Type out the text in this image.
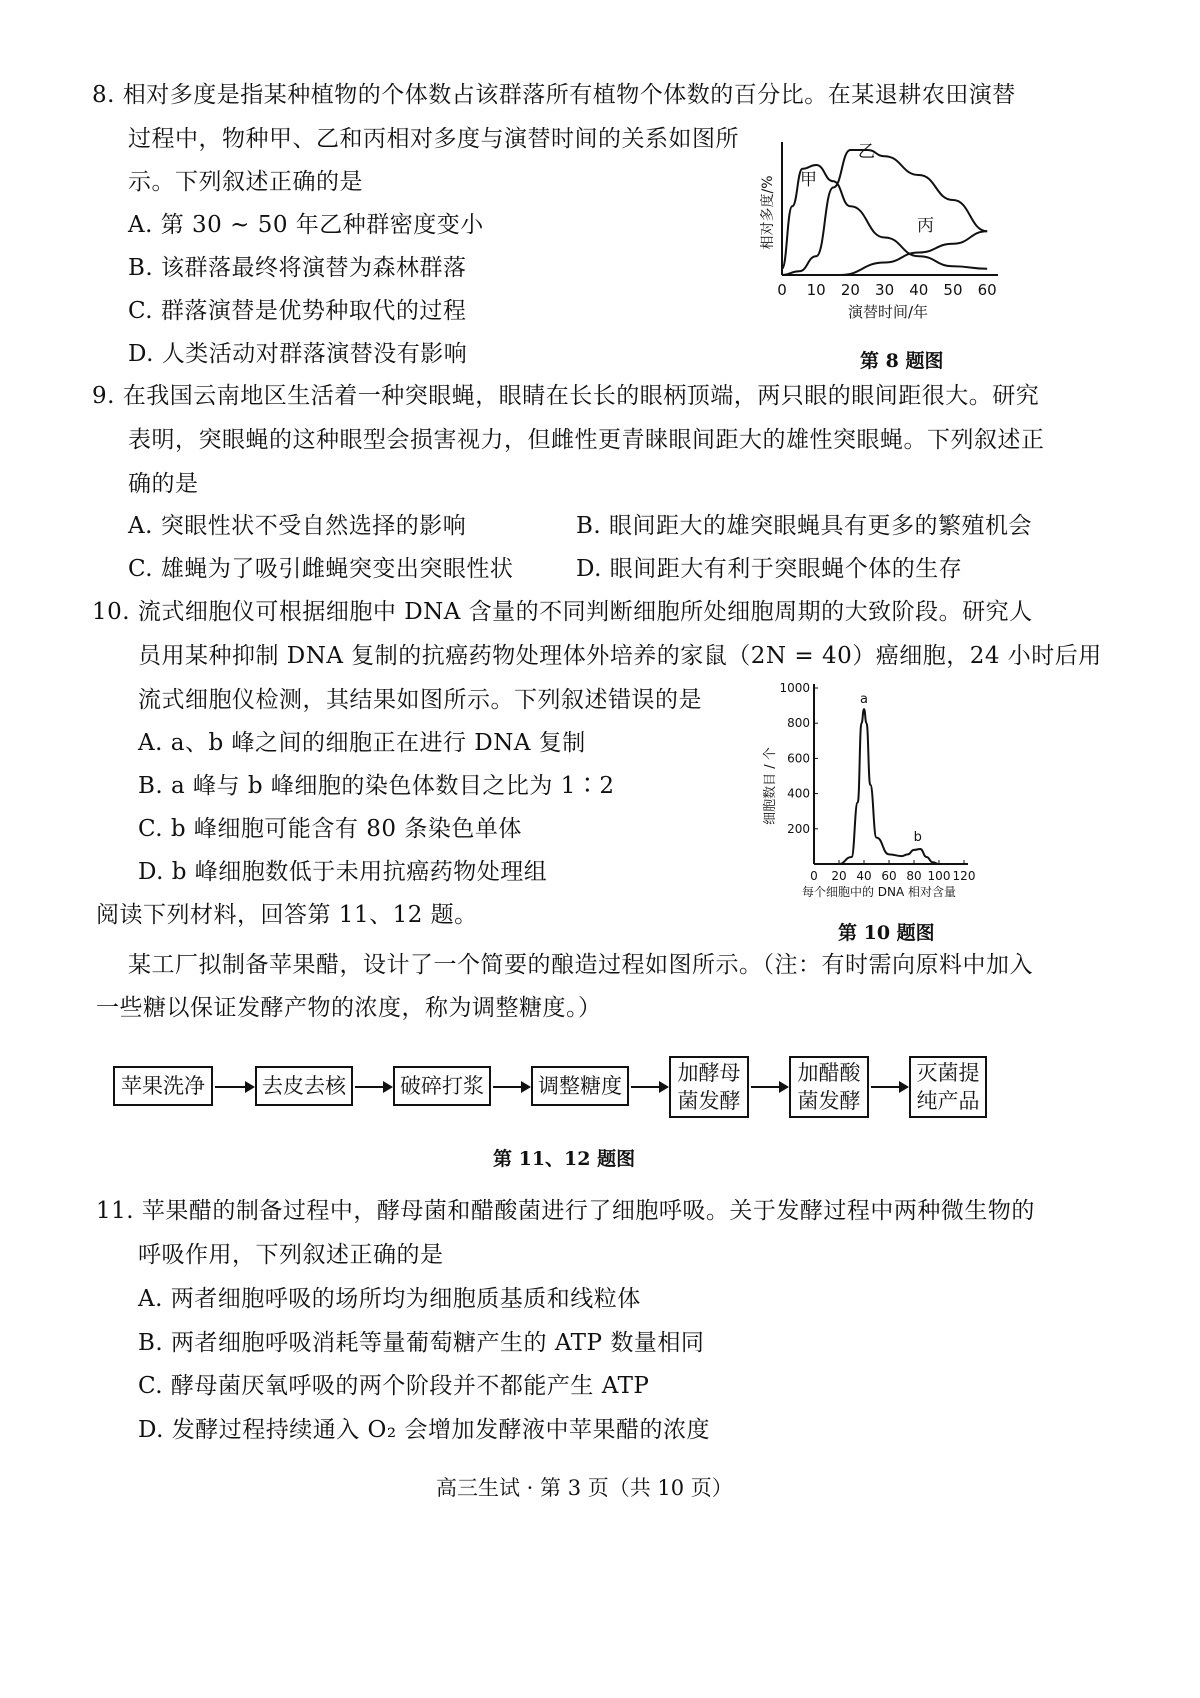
8. 相对多度是指某种植物的个体数占该群落所有植物个体数的百分比。在某退耕农田演替
过程中，物种甲、乙和丙相对多度与演替时间的关系如图所
示。下列叙述正确的是
A. 第 30 ~ 50 年乙种群密度变小
B. 该群落最终将演替为森林群落
C. 群落演替是优势种取代的过程
D. 人类活动对群落演替没有影响
0 10 20 30 40 50 60
演替时间/年
相对多度/% 甲
乙
丙
第 8 题图
9. 在我国云南地区生活着一种突眼蝇，眼睛在长长的眼柄顶端，两只眼的眼间距很大。研究
表明，突眼蝇的这种眼型会损害视力，但雌性更青睐眼间距大的雄性突眼蝇。下列叙述正
确的是
A. 突眼性状不受自然选择的影响	B. 眼间距大的雄突眼蝇具有更多的繁殖机会
C. 雄蝇为了吸引雌蝇突变出突眼性状	D. 眼间距大有利于突眼蝇个体的生存
10. 流式细胞仪可根据细胞中 DNA 含量的不同判断细胞所处细胞周期的大致阶段。研究人
员用某种抑制 DNA 复制的抗癌药物处理体外培养的家鼠（2N = 40）癌细胞，24 小时后用
流式细胞仪检测，其结果如图所示。下列叙述错误的是
A. a、b 峰之间的细胞正在进行 DNA 复制
B. a 峰与 b 峰细胞的染色体数目之比为 1∶2
C. b 峰细胞可能含有 80 条染色单体
D. b 峰细胞数低于未用抗癌药物处理组	0 20 40 60 80 100 120
200
400
600
800
1000
每个细胞中的 DNA 相对含量
细胞数目 / 个
a
b
第 10 题图
阅读下列材料，回答第 11、12 题。
某工厂拟制备苹果醋，设计了一个简要的酿造过程如图所示。（注：有时需向原料中加入
一些糖以保证发酵产物的浓度，称为调整糖度。）
苹果洗净	去皮去核	破碎打浆	调整糖度
加酵母
菌发酵
加醋酸
菌发酵
灭菌提
纯产品
第 11、12 题图
11. 苹果醋的制备过程中，酵母菌和醋酸菌进行了细胞呼吸。关于发酵过程中两种微生物的
呼吸作用，下列叙述正确的是
A. 两者细胞呼吸的场所均为细胞质基质和线粒体
B. 两者细胞呼吸消耗等量葡萄糖产生的 ATP 数量相同
C. 酵母菌厌氧呼吸的两个阶段并不都能产生 ATP
D. 发酵过程持续通入 O₂ 会增加发酵液中苹果醋的浓度
高三生试 · 第 3 页（共 10 页）
